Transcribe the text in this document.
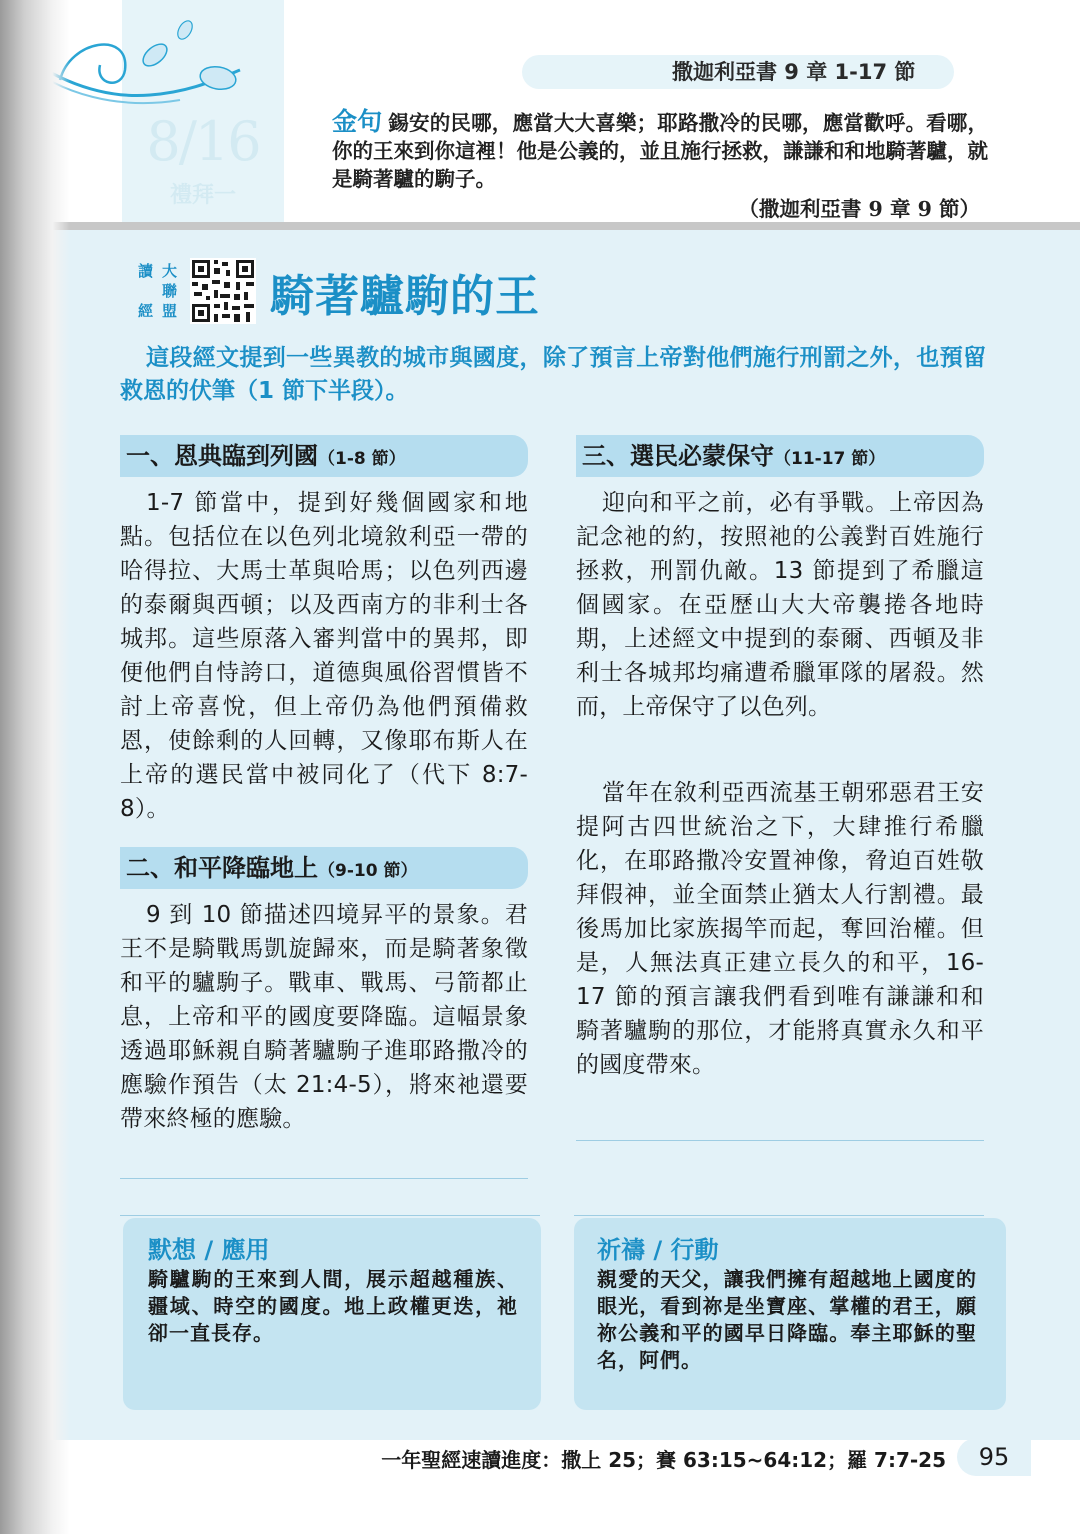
8/16
禮拜一
撒迦利亞書 9 章 1-17 節
金句 錫安的民哪，應當大大喜樂；耶路撒冷的民哪，應當歡呼。看哪，你的王來到你這裡！他是公義的，並且施行拯救，謙謙和和地騎著驢，就是騎著驢的駒子。
（撒迦利亞書 9 章 9 節）
讀 大
聯
經 盟 騎著驢駒的王
這段經文提到一些異教的城市與國度，除了預言上帝對他們施行刑罰之外，也預留救恩的伏筆（1 節下半段）。
一、恩典臨到列國（1-8 節）
1-7 節當中，提到好幾個國家和地點。包括位在以色列北境敘利亞一帶的哈得拉、大馬士革與哈馬；以色列西邊的泰爾與西頓；以及西南方的非利士各城邦。這些原落入審判當中的異邦，即便他們自恃誇口，道德與風俗習慣皆不討上帝喜悅，但上帝仍為他們預備救恩，使餘剩的人回轉，又像耶布斯人在上帝的選民當中被同化了（代下 8:7-8）。
二、和平降臨地上（9-10 節）
9 到 10 節描述四境昇平的景象。君王不是騎戰馬凱旋歸來，而是騎著象徵和平的驢駒子。戰車、戰馬、弓箭都止息，上帝和平的國度要降臨。這幅景象透過耶穌親自騎著驢駒子進耶路撒冷的應驗作預告（太 21:4-5），將來祂還要帶來終極的應驗。
三、選民必蒙保守（11-17 節）
迎向和平之前，必有爭戰。上帝因為記念祂的約，按照祂的公義對百姓施行拯救，刑罰仇敵。13 節提到了希臘這個國家。在亞歷山大大帝襲捲各地時期，上述經文中提到的泰爾、西頓及非利士各城邦均痛遭希臘軍隊的屠殺。然而，上帝保守了以色列。
當年在敘利亞西流基王朝邪惡君王安提阿古四世統治之下，大肆推行希臘化，在耶路撒冷安置神像，脅迫百姓敬拜假神，並全面禁止猶太人行割禮。最後馬加比家族揭竿而起，奪回治權。但是，人無法真正建立長久的和平，16-17 節的預言讓我們看到唯有謙謙和和騎著驢駒的那位，才能將真實永久和平的國度帶來。
默想 / 應用
騎驢駒的王來到人間，展示超越種族、疆域、時空的國度。地上政權更迭，祂卻一直長存。
祈禱 / 行動
親愛的天父，讓我們擁有超越地上國度的眼光，看到祢是坐寶座、掌權的君王，願祢公義和平的國早日降臨。奉主耶穌的聖名，阿們。
一年聖經速讀進度：撒上 25；賽 63:15~64:12；羅 7:7-25	95
